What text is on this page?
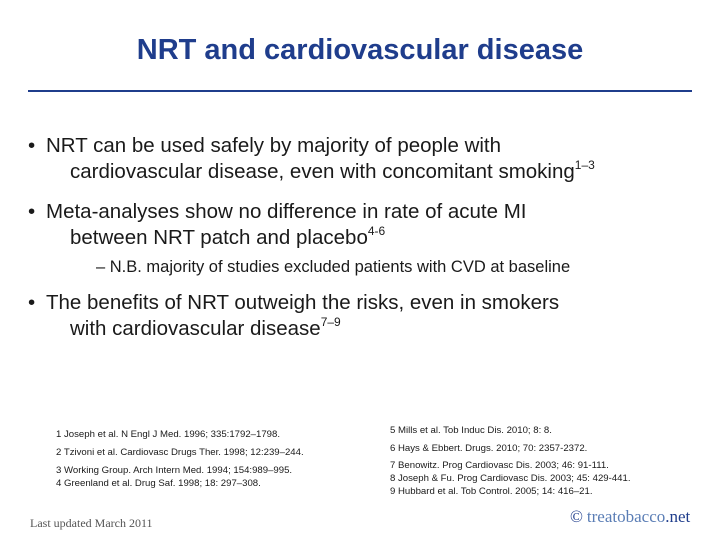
NRT and cardiovascular disease
• NRT can be used safely by majority of people with
cardiovascular disease, even with concomitant smoking$^{1-3}$
• Meta-analyses show no difference in rate of acute MI
between NRT patch and placebo$^{4-6}$
– N.B. majority of studies excluded patients with CVD at baseline
• The benefits of NRT outweigh the risks, even in smokers
with cardiovascular disease$^{7-9}$
1 Joseph et al. N Engl J Med. 1996; 335:1792–1798.
2 Tzivoni et al. Cardiovasc Drugs Ther. 1998; 12:239–244.
3 Working Group. Arch Intern Med. 1994; 154:989–995.
4 Greenland et al. Drug Saf. 1998; 18: 297–308.
5 Mills et al. Tob Induc Dis. 2010; 8: 8.
6 Hays & Ebbert. Drugs. 2010; 70: 2357-2372.
7 Benowitz. Prog Cardiovasc Dis. 2003; 46: 91-111.
8 Joseph & Fu. Prog Cardiovasc Dis. 2003; 45: 429-441.
9 Hubbard et al. Tob Control. 2005; 14: 416–21.
Last updated March 2011	© treatobacco.net
